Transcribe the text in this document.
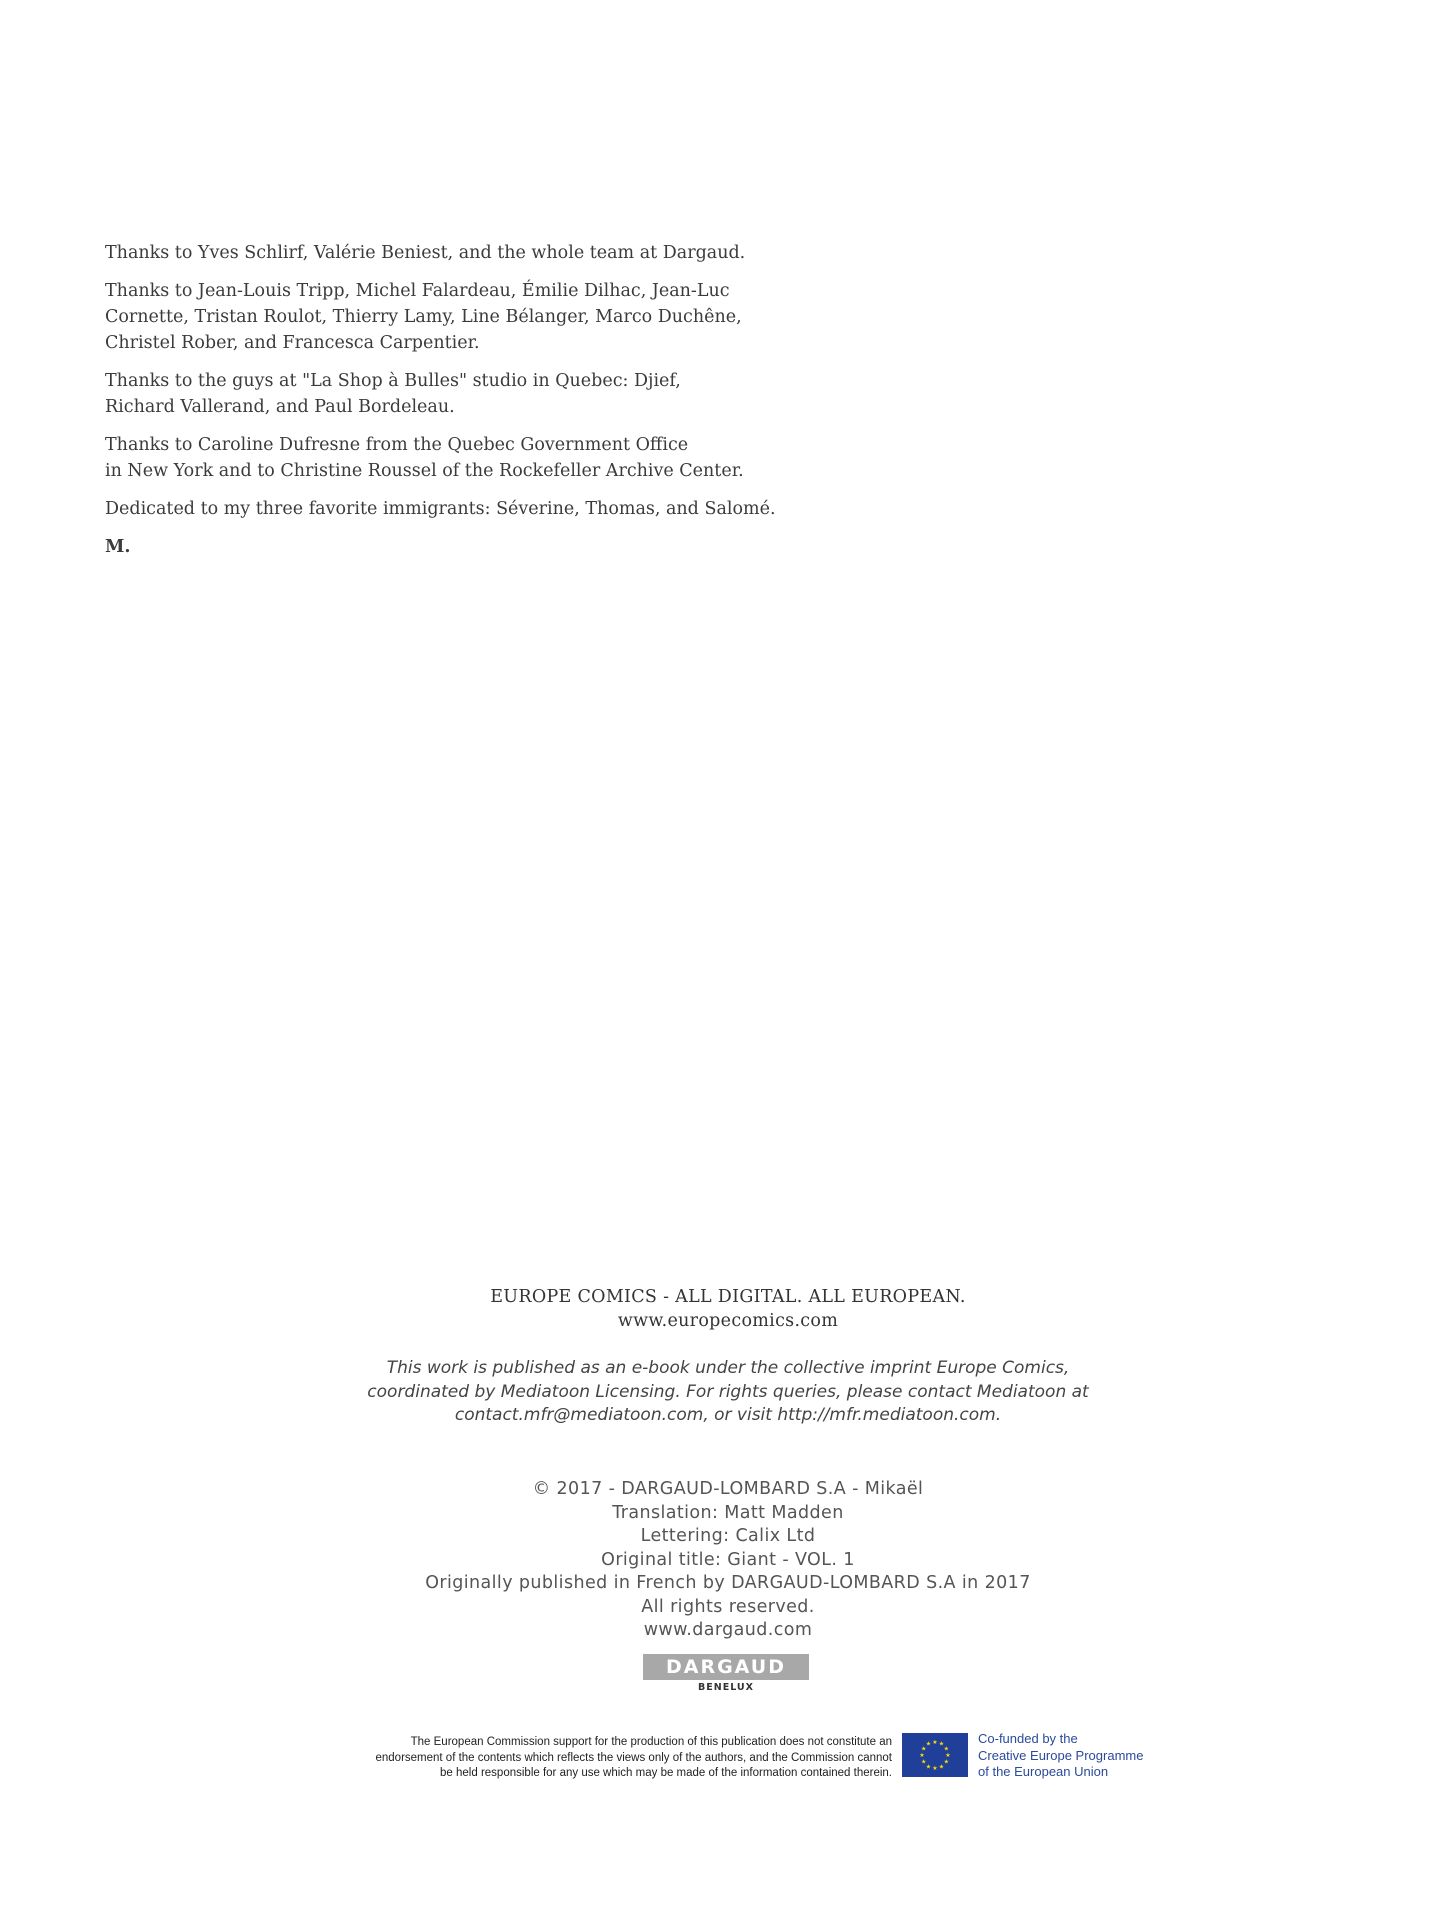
Thanks to Yves Schlirf, Valérie Beniest, and the whole team at Dargaud.

Thanks to Jean-Louis Tripp, Michel Falardeau, Émilie Dilhac, Jean-Luc
Cornette, Tristan Roulot, Thierry Lamy, Line Bélanger, Marco Duchêne,
Christel Rober, and Francesca Carpentier.

Thanks to the guys at "La Shop à Bulles" studio in Quebec: Djief,
Richard Vallerand, and Paul Bordeleau.

Thanks to Caroline Dufresne from the Quebec Government Office
in New York and to Christine Roussel of the Rockefeller Archive Center.

Dedicated to my three favorite immigrants: Séverine, Thomas, and Salomé.

M.

EUROPE COMICS - ALL DIGITAL. ALL EUROPEAN.
www.europecomics.com
This work is published as an e-book under the collective imprint Europe Comics,
coordinated by Mediatoon Licensing. For rights queries, please contact Mediatoon at
contact.mfr@mediatoon.com, or visit http://mfr.mediatoon.com.
© 2017 - DARGAUD-LOMBARD S.A - Mikaël
Translation: Matt Madden
Lettering: Calix Ltd
Original title: Giant - VOL. 1
Originally published in French by DARGAUD-LOMBARD S.A in 2017
All rights reserved.
www.dargaud.com
DARGAUD
BENELUX
The European Commission support for the production of this publication does not constitute an
endorsement of the contents which reflects the views only of the authors, and the Commission cannot
be held responsible for any use which may be made of the information contained therein.
★ ★
★
★
★
★
★
★
★
★
★
★	Co-funded by the
Creative Europe Programme
of the European Union
